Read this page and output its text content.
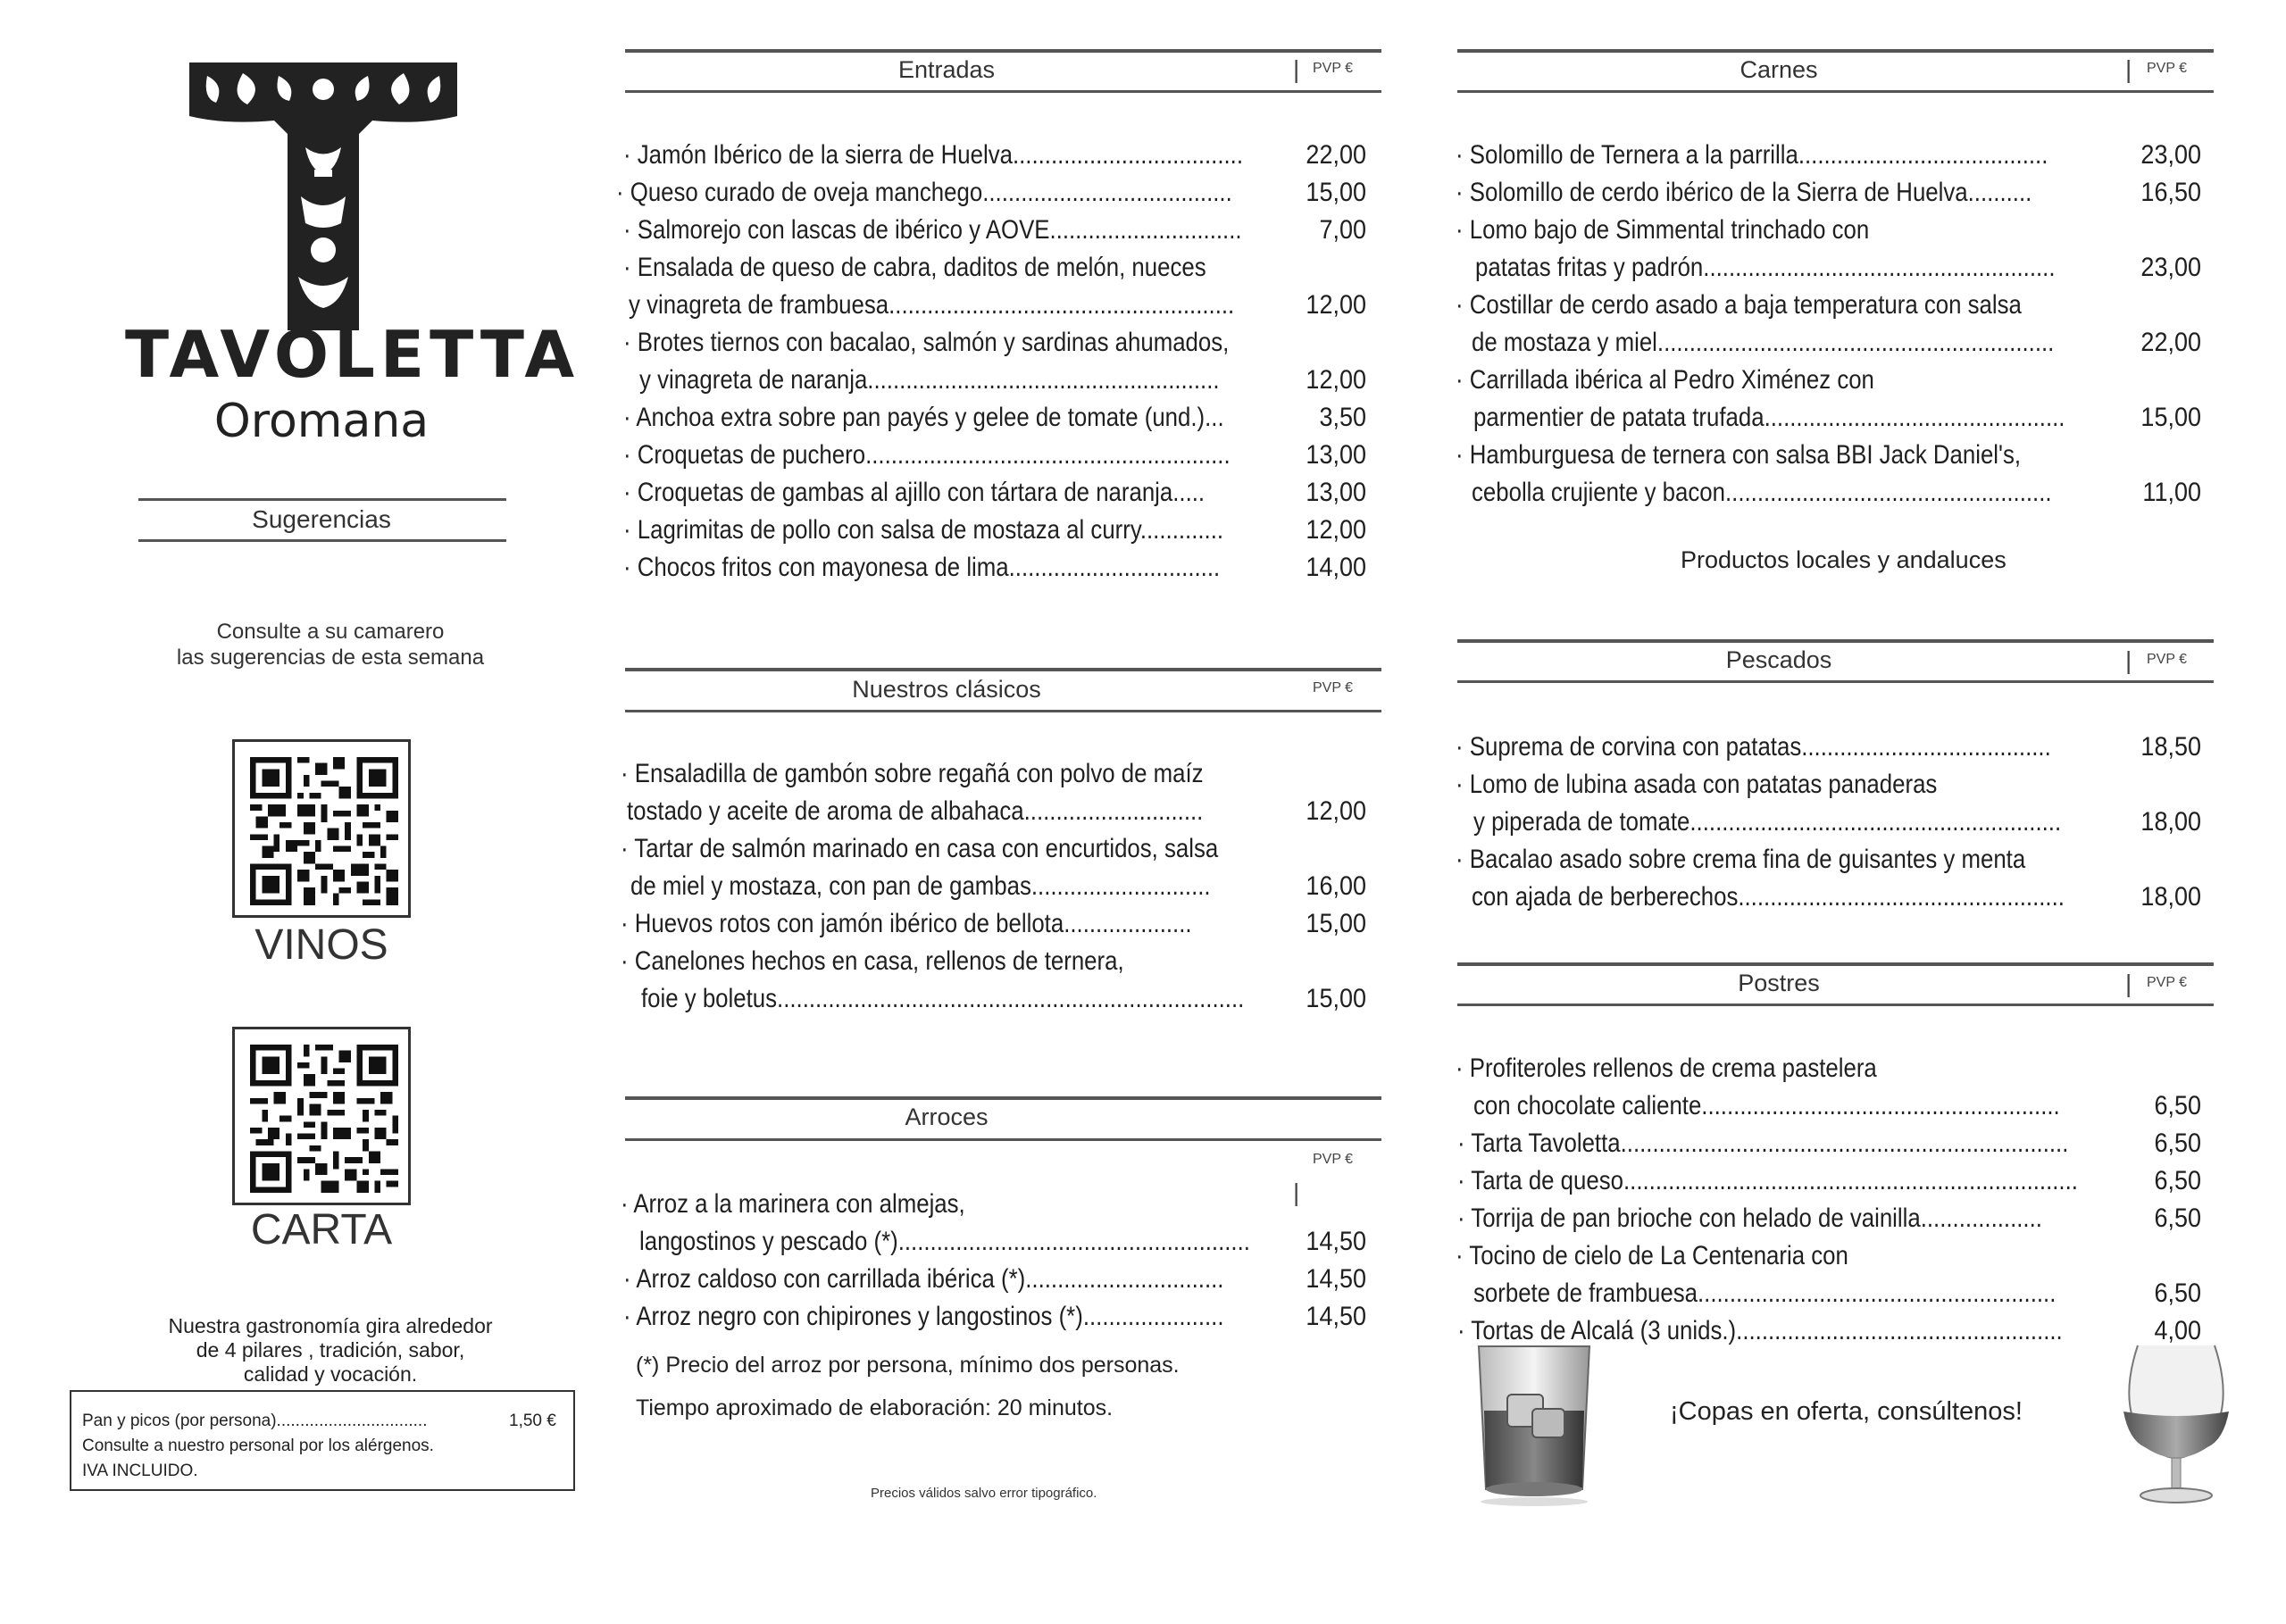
TAVOLETTA
Oromana
Sugerencias
Consulte a su camarero
las sugerencias de esta semana
VINOS
CARTA
Nuestra gastronomía gira alrededor
de 4 pilares , tradición, sabor,
calidad y vocación.
Pan y picos (por persona)................................	1,50 €
Consulte a nuestro personal por los alérgenos.
IVA INCLUIDO.
Entradas	| PVP €
· Jamón Ibérico de la sierra de Huelva....................................	22,00
· Queso curado de oveja manchego.......................................	15,00
· Salmorejo con lascas de ibérico y AOVE..............................	7,00
· Ensalada de queso de cabra, daditos de melón, nueces
y vinagreta de frambuesa......................................................	12,00
· Brotes tiernos con bacalao, salmón y sardinas ahumados,
y vinagreta de naranja.......................................................	12,00
· Anchoa extra sobre pan payés y gelee de tomate (und.)...	3,50
· Croquetas de puchero.........................................................	13,00
· Croquetas de gambas al ajillo con tártara de naranja.....	13,00
· Lagrimitas de pollo con salsa de mostaza al curry.............	12,00
· Chocos fritos con mayonesa de lima.................................	14,00
Nuestros clásicos	PVP €
· Ensaladilla de gambón sobre regañá con polvo de maíz
tostado y aceite de aroma de albahaca............................	12,00
· Tartar de salmón marinado en casa con encurtidos, salsa
de miel y mostaza, con pan de gambas............................	16,00
· Huevos rotos con jamón ibérico de bellota....................	15,00
· Canelones hechos en casa, rellenos de ternera,
foie y boletus.........................................................................	15,00
Arroces
PVP €
|
· Arroz a la marinera con almejas,
langostinos y pescado (*).......................................................	14,50
· Arroz caldoso con carrillada ibérica (*)...............................	14,50
· Arroz negro con chipirones y langostinos (*)......................	14,50
(*) Precio del arroz por persona, mínimo dos personas.
Tiempo aproximado de elaboración: 20 minutos.
Precios válidos salvo error tipográfico.
Carnes	| PVP €
· Solomillo de Ternera a la parrilla.......................................	23,00
· Solomillo de cerdo ibérico de la Sierra de Huelva..........	16,50
· Lomo bajo de Simmental trinchado con
patatas fritas y padrón.......................................................	23,00
· Costillar de cerdo asado a baja temperatura con salsa
de mostaza y miel..............................................................	22,00
· Carrillada ibérica al Pedro Ximénez con
parmentier de patata trufada...............................................	15,00
· Hamburguesa de ternera con salsa BBI Jack Daniel's,
cebolla crujiente y bacon...................................................	11,00
Productos locales y andaluces
Pescados	| PVP €
· Suprema de corvina con patatas.......................................	18,50
· Lomo de lubina asada con patatas panaderas
y piperada de tomate..........................................................	18,00
· Bacalao asado sobre crema fina de guisantes y menta
con ajada de berberechos...................................................	18,00
Postres	| PVP €
· Profiteroles rellenos de crema pastelera
con chocolate caliente........................................................	6,50
· Tarta Tavoletta......................................................................	6,50
· Tarta de queso.......................................................................	6,50
· Torrija de pan brioche con helado de vainilla...................	6,50
· Tocino de cielo de La Centenaria con
sorbete de frambuesa........................................................	6,50
· Tortas de Alcalá (3 unids.)...................................................	4,00
¡Copas en oferta, consúltenos!
